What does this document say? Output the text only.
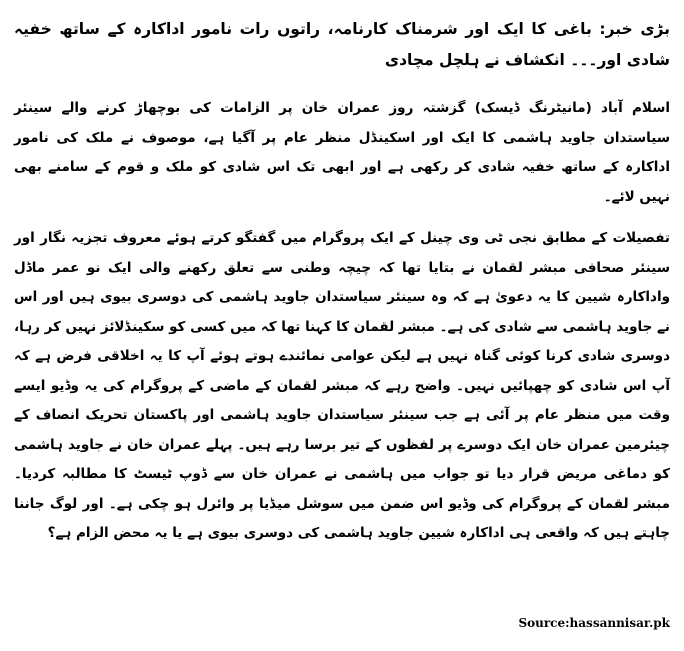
بڑی خبر: باغی کا ایک اور شرمناک کارنامہ، راتوں رات نامور اداکارہ کے ساتھ خفیہ شادی اور۔۔۔ انکشاف نے ہلچل مچادی

اسلام آباد (مانیٹرنگ ڈیسک) گزشتہ روز عمران خان پر الزامات کی بوچھاڑ کرنے والے سینئر سیاستدان جاوید ہاشمی کا ایک اور اسکینڈل منظر عام پر آگیا ہے، موصوف نے ملک کی نامور اداکارہ کے ساتھ خفیہ شادی کر رکھی ہے اور ابھی تک اس شادی کو ملک و قوم کے سامنے بھی نہیں لائے۔

تفصیلات کے مطابق نجی ٹی وی چینل کے ایک پروگرام میں گفتگو کرتے ہوئے معروف تجزیہ نگار اور سینئر صحافی مبشر لقمان نے بتایا تھا کہ چیچہ وطنی سے تعلق رکھنے والی ایک نو عمر ماڈل واداکارہ شیین کا یہ دعویٰ ہے کہ وہ سینئر سیاستدان جاوید ہاشمی کی دوسری بیوی ہیں اور اس نے جاوید ہاشمی سے شادی کی ہے۔ مبشر لقمان کا کہنا تھا کہ میں کسی کو سکینڈلائز نہیں کر رہا، دوسری شادی کرنا کوئی گناہ نہیں ہے لیکن عوامی نمائندے ہوتے ہوئے آپ کا یہ اخلاقی فرض ہے کہ آپ اس شادی کو چھپائیں نہیں۔ واضح رہے کہ مبشر لقمان کے ماضی کے پروگرام کی یہ وڈیو ایسے وقت میں منظر عام پر آئی ہے جب سینئر سیاستدان جاوید ہاشمی اور پاکستان تحریک انصاف کے چیئرمین عمران خان ایک دوسرے پر لفظوں کے تیر برسا رہے ہیں۔ پہلے عمران خان نے جاوید ہاشمی کو دماغی مریض قرار دیا تو جواب میں ہاشمی نے عمران خان سے ڈوپ ٹیسٹ کا مطالبہ کردیا۔ مبشر لقمان کے پروگرام کی وڈیو اس ضمن میں سوشل میڈیا پر وائرل ہو چکی ہے۔ اور لوگ جاننا چاہتے ہیں کہ واقعی ہی اداکارہ شیین جاوید ہاشمی کی دوسری بیوی ہے یا یہ محض الزام ہے؟

Source:hassannisar.pk
